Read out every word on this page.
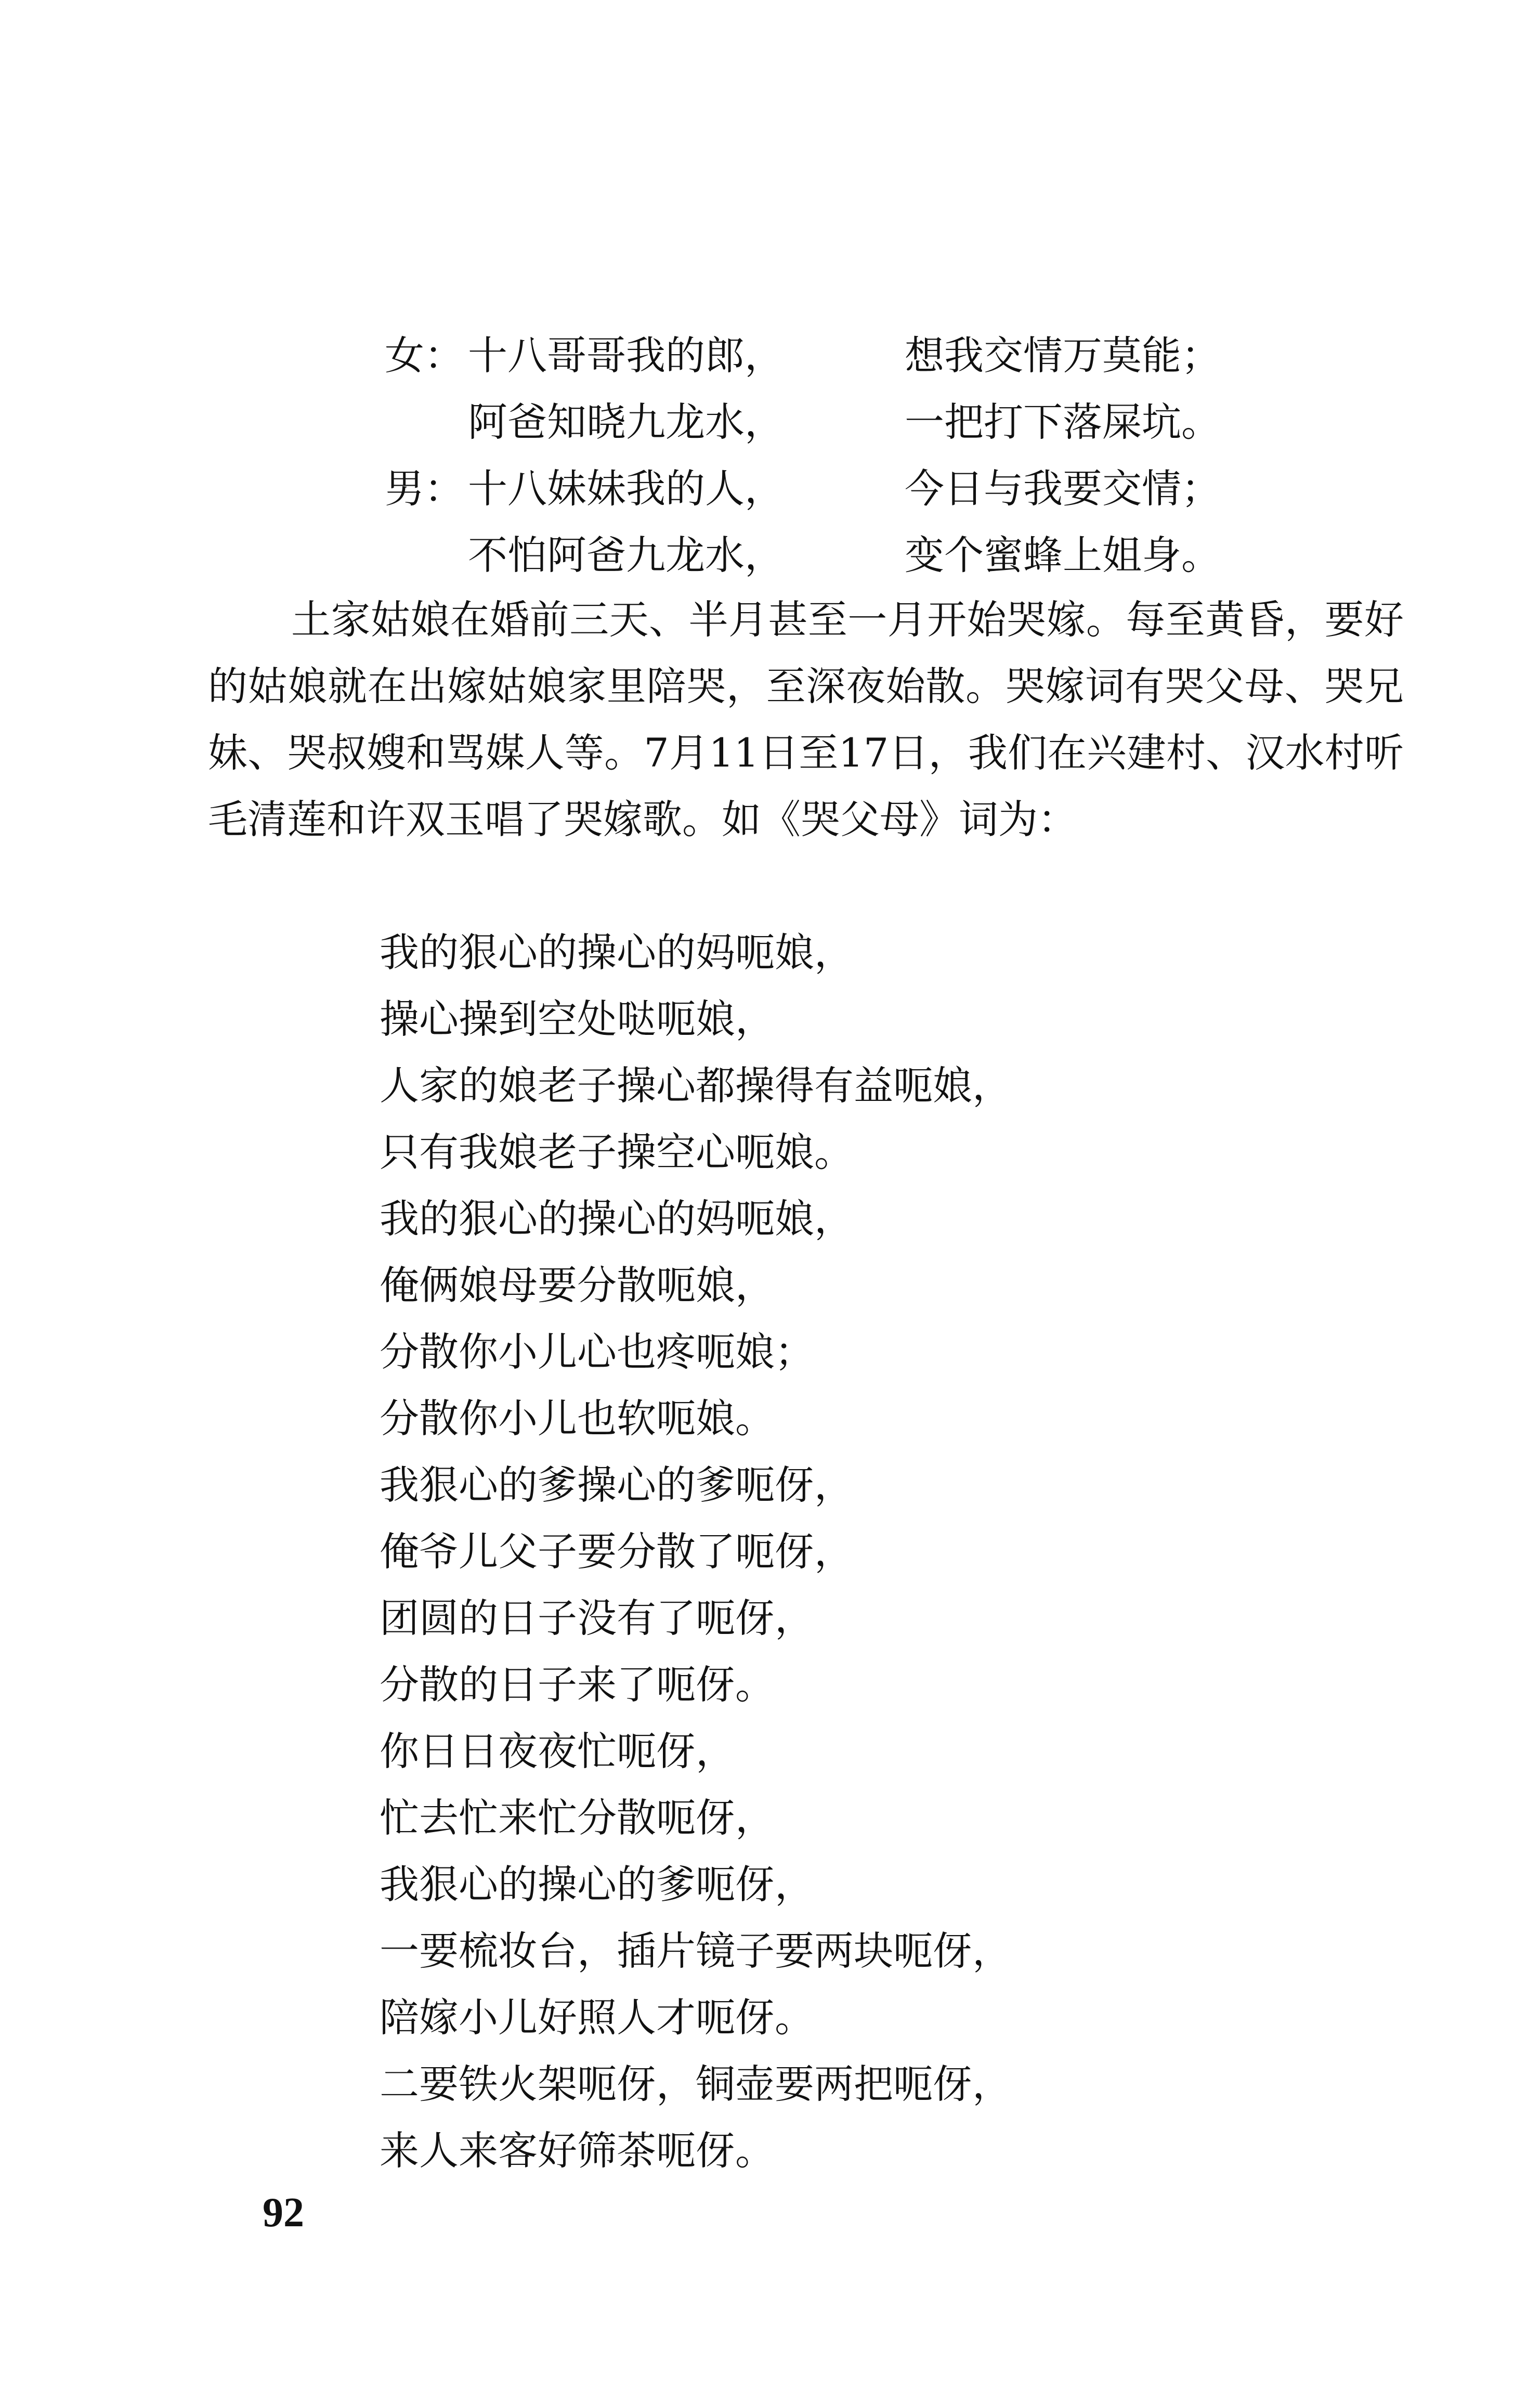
女： 十八哥哥我的郎，	想我交情万莫能；
阿爸知晓九龙水，	一把打下落屎坑。
男： 十八妹妹我的人，	今日与我要交情；
不怕阿爸九龙水，	变个蜜蜂上姐身。

土家姑娘在婚前三天、半月甚至一月开始哭嫁。每至黄昏，要好的姑娘就在出嫁姑娘家里陪哭，至深夜始散。哭嫁词有哭父母、哭兄妹、哭叔嫂和骂媒人等。7月11日至17日，我们在兴建村、汉水村听毛清莲和许双玉唱了哭嫁歌。如《哭父母》词为：

我的狠心的操心的妈呃娘，
操心操到空处哒呃娘，
人家的娘老子操心都操得有益呃娘，
只有我娘老子操空心呃娘。
我的狠心的操心的妈呃娘，
俺俩娘母要分散呃娘，
分散你小儿心也疼呃娘；
分散你小儿也软呃娘。
我狠心的爹操心的爹呃伢，
俺爷儿父子要分散了呃伢，
团圆的日子没有了呃伢，
分散的日子来了呃伢。
你日日夜夜忙呃伢，
忙去忙来忙分散呃伢，
我狠心的操心的爹呃伢，
一要梳妆台，插片镜子要两块呃伢，
陪嫁小儿好照人才呃伢。
二要铁火架呃伢，铜壶要两把呃伢，
来人来客好筛茶呃伢。
92
